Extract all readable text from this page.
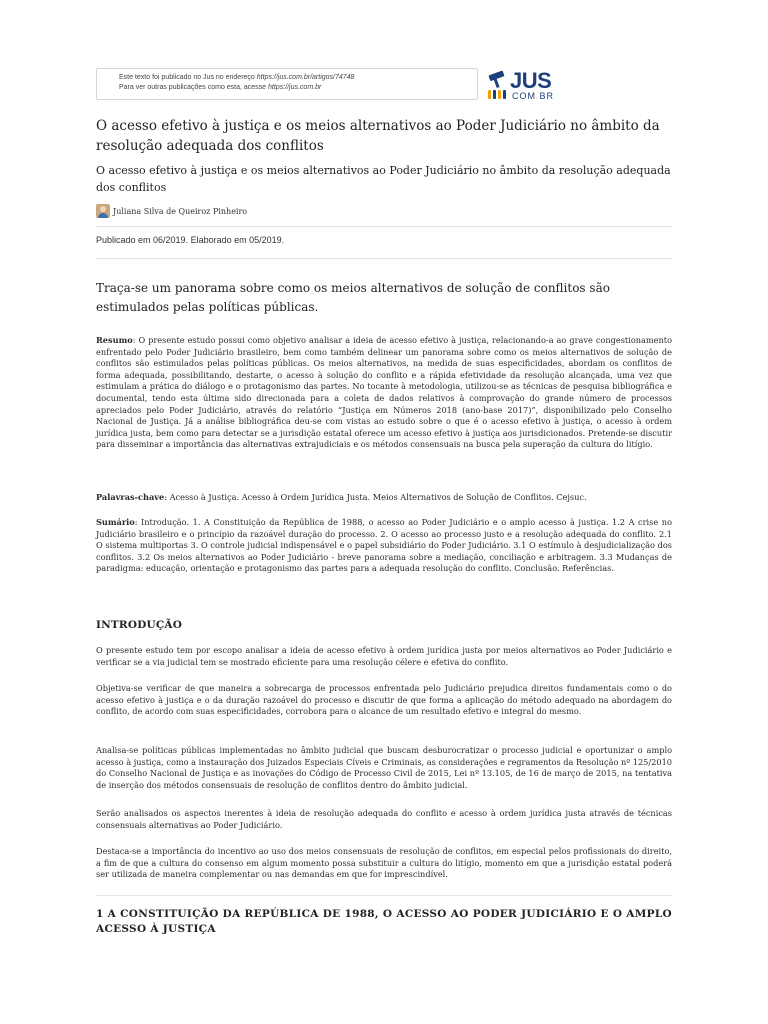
Este texto foi publicado no Jus no endereço https://jus.com.br/artigos/74748
Para ver outras publicações como esta, acesse https://jus.com.br	JUS
COM.BR
O acesso efetivo à justiça e os meios alternativos ao Poder Judiciário no âmbito da resolução adequada dos conflitos
O acesso efetivo à justiça e os meios alternativos ao Poder Judiciário no âmbito da resolução adequada dos conflitos
Juliana Silva de Queiroz Pinheiro
Publicado em 06/2019. Elaborado em 05/2019.
Traça-se um panorama sobre como os meios alternativos de solução de conflitos são estimulados pelas políticas públicas.
Resumo: O presente estudo possui como objetivo analisar a ideia de acesso efetivo à justiça, relacionando-a ao grave congestionamento enfrentado pelo Poder Judiciário brasileiro, bem como também delinear um panorama sobre como os meios alternativos de solução de conflitos são estimulados pelas políticas públicas. Os meios alternativos, na medida de suas especificidades, abordam os conflitos de forma adequada, possibilitando, destarte, o acesso à solução do conflito e a rápida efetividade da resolução alcançada, uma vez que estimulam a prática do diálogo e o protagonismo das partes. No tocante à metodologia, utilizou-se as técnicas de pesquisa bibliográfica e documental, tendo esta última sido direcionada para a coleta de dados relativos à comprovação do grande número de processos apreciados pelo Poder Judiciário, através do relatório “Justiça em Números 2018 (ano-base 2017)”, disponibilizado pelo Conselho Nacional de Justiça. Já a análise bibliográfica deu-se com vistas ao estudo sobre o que é o acesso efetivo à justiça, o acesso à ordem jurídica justa, bem como para detectar se a jurisdição estatal oferece um acesso efetivo à justiça aos jurisdicionados. Pretende-se discutir para disseminar a importância das alternativas extrajudiciais e os métodos consensuais na busca pela superação da cultura do litígio.
Palavras-chave: Acesso à Justiça. Acesso à Ordem Jurídica Justa. Meios Alternativos de Solução de Conflitos. Cejsuc.
Sumário: Introdução. 1. A Constituição da República de 1988, o acesso ao Poder Judiciário e o amplo acesso à justiça. 1.2 A crise no Judiciário brasileiro e o princípio da razoável duração do processo. 2. O acesso ao processo justo e a resolução adequada do conflito. 2.1 O sistema multiportas 3. O controle judicial indispensável e o papel subsidiário do Poder Judiciário. 3.1 O estímulo à desjudicialização dos conflitos. 3.2 Os meios alternativos ao Poder Judiciário - breve panorama sobre a mediação, conciliação e arbitragem. 3.3 Mudanças de paradigma: educação, orientação e protagonismo das partes para a adequada resolução do conflito. Conclusão. Referências.
INTRODUÇÃO
O presente estudo tem por escopo analisar a ideia de acesso efetivo à ordem jurídica justa por meios alternativos ao Poder Judiciário e verificar se a via judicial tem se mostrado eficiente para uma resolução célere e efetiva do conflito.
Objetiva-se verificar de que maneira a sobrecarga de processos enfrentada pelo Judiciário prejudica direitos fundamentais como o do acesso efetivo à justiça e o da duração razoável do processo e discutir de que forma a aplicação do método adequado na abordagem do conflito, de acordo com suas especificidades, corrobora para o alcance de um resultado efetivo e integral do mesmo.
Analisa-se políticas públicas implementadas no âmbito judicial que buscam desburocratizar o processo judicial e oportunizar o amplo acesso à justiça, como a instauração dos Juizados Especiais Cíveis e Criminais, as considerações e regramentos da Resolução nº 125/2010 do Conselho Nacional de Justiça e as inovações do Código de Processo Civil de 2015, Lei nº 13.105, de 16 de março de 2015, na tentativa de inserção dos métodos consensuais de resolução de conflitos dentro do âmbito judicial.
Serão analisados os aspectos inerentes à ideia de resolução adequada do conflito e acesso à ordem jurídica justa através de técnicas consensuais alternativas ao Poder Judiciário.
Destaca-se a importância do incentivo ao uso dos meios consensuais de resolução de conflitos, em especial pelos profissionais do direito, a fim de que a cultura do consenso em algum momento possa substituir a cultura do litígio, momento em que a jurisdição estatal poderá ser utilizada de maneira complementar ou nas demandas em que for imprescindível.
1 A CONSTITUIÇÃO DA REPÚBLICA DE 1988, O ACESSO AO PODER JUDICIÁRIO E O AMPLO ACESSO À JUSTIÇA
